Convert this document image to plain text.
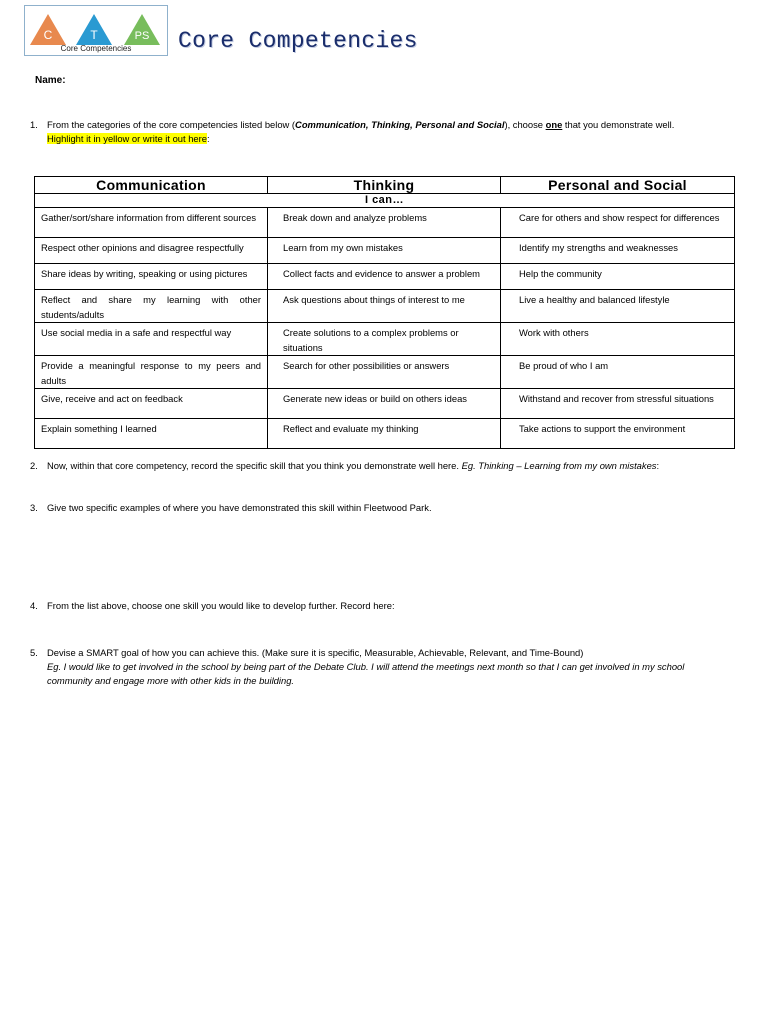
C	T	PS
Core Competencies	Core Competencies
Name:
1. From the categories of the core competencies listed below (Communication, Thinking, Personal and Social), choose one that you demonstrate well.
Highlight it in yellow or write it out here:
Communication	Thinking	Personal and Social
I can…		
Gather/sort/share information from different sources	Break down and analyze problems	Care for others and show respect for differences
Respect other opinions and disagree respectfully	Learn from my own mistakes	Identify my strengths and weaknesses
Share ideas by writing, speaking or using pictures	Collect facts and evidence to answer a problem	Help the community
Reflect and share my learning with other students/adults	Ask questions about things of interest to me	Live a healthy and balanced lifestyle
Use social media in a safe and respectful way	Create solutions to a complex problems or situations	Work with others
Provide a meaningful response to my peers and adults	Search for other possibilities or answers	Be proud of who I am
Give, receive and act on feedback	Generate new ideas or build on others ideas	Withstand and recover from stressful situations
Explain something I learned	Reflect and evaluate my thinking	Take actions to support the environment
2. Now, within that core competency, record the specific skill that you think you demonstrate well here. Eg. Thinking – Learning from my own mistakes:
3. Give two specific examples of where you have demonstrated this skill within Fleetwood Park.
4. From the list above, choose one skill you would like to develop further. Record here:
5. Devise a SMART goal of how you can achieve this. (Make sure it is specific, Measurable, Achievable, Relevant, and Time-Bound)
Eg. I would like to get involved in the school by being part of the Debate Club. I will attend the meetings next month so that I can get involved in my school community and engage more with other kids in the building.
